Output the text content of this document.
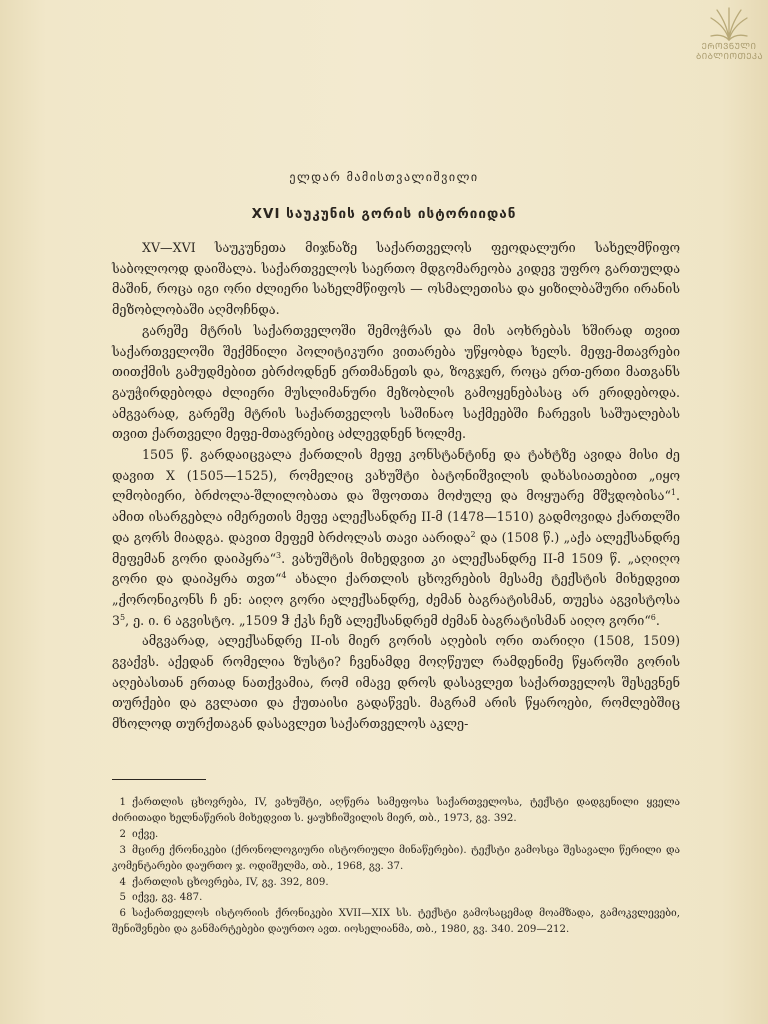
ᲔᲠᲝᲕᲜᲣᲚᲘ
ᲑᲘᲑᲚᲘᲝᲗᲔᲙᲐ
ელდარ მამისთვალიშვილი
XVI საუკუნის გორის ისტორიიდან

XV—XVI საუკუნეთა მიჯნაზე საქართველოს ფეოდალური სახელმწიფო საბოლოოდ დაიშალა. საქართველოს საერთო მდგომარეობა კიდევ უფრო გართულდა მაშინ, როცა იგი ორი ძლიერი სახელმწიფოს — ოსმალეთისა და ყიზილბაშური ირანის მეზობლობაში აღმოჩნდა.

გარეშე მტრის საქართველოში შემოჭრას და მის აოხრებას ხშირად თვით საქართველოში შექმნილი პოლიტიკური ვითარება უწყობდა ხელს. მეფე-მთავრები თითქმის გამუდმებით ებრძოდნენ ერთმანეთს და, ზოგჯერ, როცა ერთ-ერთი მათგანს გაუჭირდებოდა ძლიერი მუსლიმანური მეზობლის გამოყენებასაც არ ერიდებოდა. ამგვარად, გარეშე მტრის საქართველოს საშინაო საქმეებში ჩარევის საშუალებას თვით ქართველი მეფე-მთავრებიც აძლევდნენ ხოლმე.

1505 წ. გარდაიცვალა ქართლის მეფე კონსტანტინე და ტახტზე ავიდა მისი ძე დავით X (1505—1525), რომელიც ვახუშტი ბატონიშვილის დახასიათებით „იყო ლმობიერი, ბრძოლა-შლილობათა და შფოთთა მოძულე და მოყუარე მშჳდობისა“$^1$. ამით ისარგებლა იმერეთის მეფე ალექსანდრე II-მ (1478—1510) გადმოვიდა ქართლში და გორს მიადგა. დავით მეფემ ბრძოლას თავი აარიდა$^2$ და (1508 წ.) „აქა ალექსანდრე მეფემან გორი დაიპყრა“$^3$. ვახუშტის მიხედვით კი ალექსანდრე II-მ 1509 წ. „აღიღო გორი და დაიპყრა თვთ“$^4$ ახალი ქართლის ცხოვრების მესამე ტექსტის მიხედვით „ქორონიკონს ჩ ენ: აიღო გორი ალექსანდრე, ძემან ბაგრატისმან, თუესა აგვისტოსა $3^5$, ე. ი. 6 აგვისტო. „1509 ჵ ქკს ჩეზ ალექსანდრემ ძემან ბაგრატისმან აიღო გორი“$^6$.

ამგვარად, ალექსანდრე II-ის მიერ გორის აღების ორი თარიღი (1508, 1509) გვაქვს. აქედან რომელია ზუსტი? ჩვენამდე მოღწეულ რამდენიმე წყაროში გორის აღებასთან ერთად ნათქვამია, რომ იმავე დროს დასავლეთ საქართველოს შესევნენ თურქები და გვლათი და ქუთაისი გადაწვეს. მაგრამ არის წყაროები, რომლებშიც მხოლოდ თურქთაგან დასავლეთ საქართველოს აკლე-

1 ქართლის ცხოვრება, IV, ვახუშტი, აღწერა სამეფოსა საქართველოსა, ტექსტი დადგენილი ყველა ძირითადი ხელნაწერის მიხედვით ს. ყაუხჩიშვილის მიერ, თბ., 1973, გვ. 392.
2 იქვე.
3 მცირე ქრონიკები (ქრონოლოგიური ისტორიული მინაწერები). ტექსტი გამოსცა შესავალი წერილი და კომენტარები დაურთო ჯ. ოდიშელმა, თბ., 1968, გვ. 37.
4 ქართლის ცხოვრება, IV, გვ. 392, 809.
5 იქვე, გვ. 487.
6 საქართველოს ისტორიის ქრონიკები XVII—XIX სს. ტექსტი გამოსაცემად მოამზადა, გამოკვლევები, შენიშვნები და განმარტებები დაურთო ავთ. იოსელიანმა, თბ., 1980, გვ. 340. 209—212.
